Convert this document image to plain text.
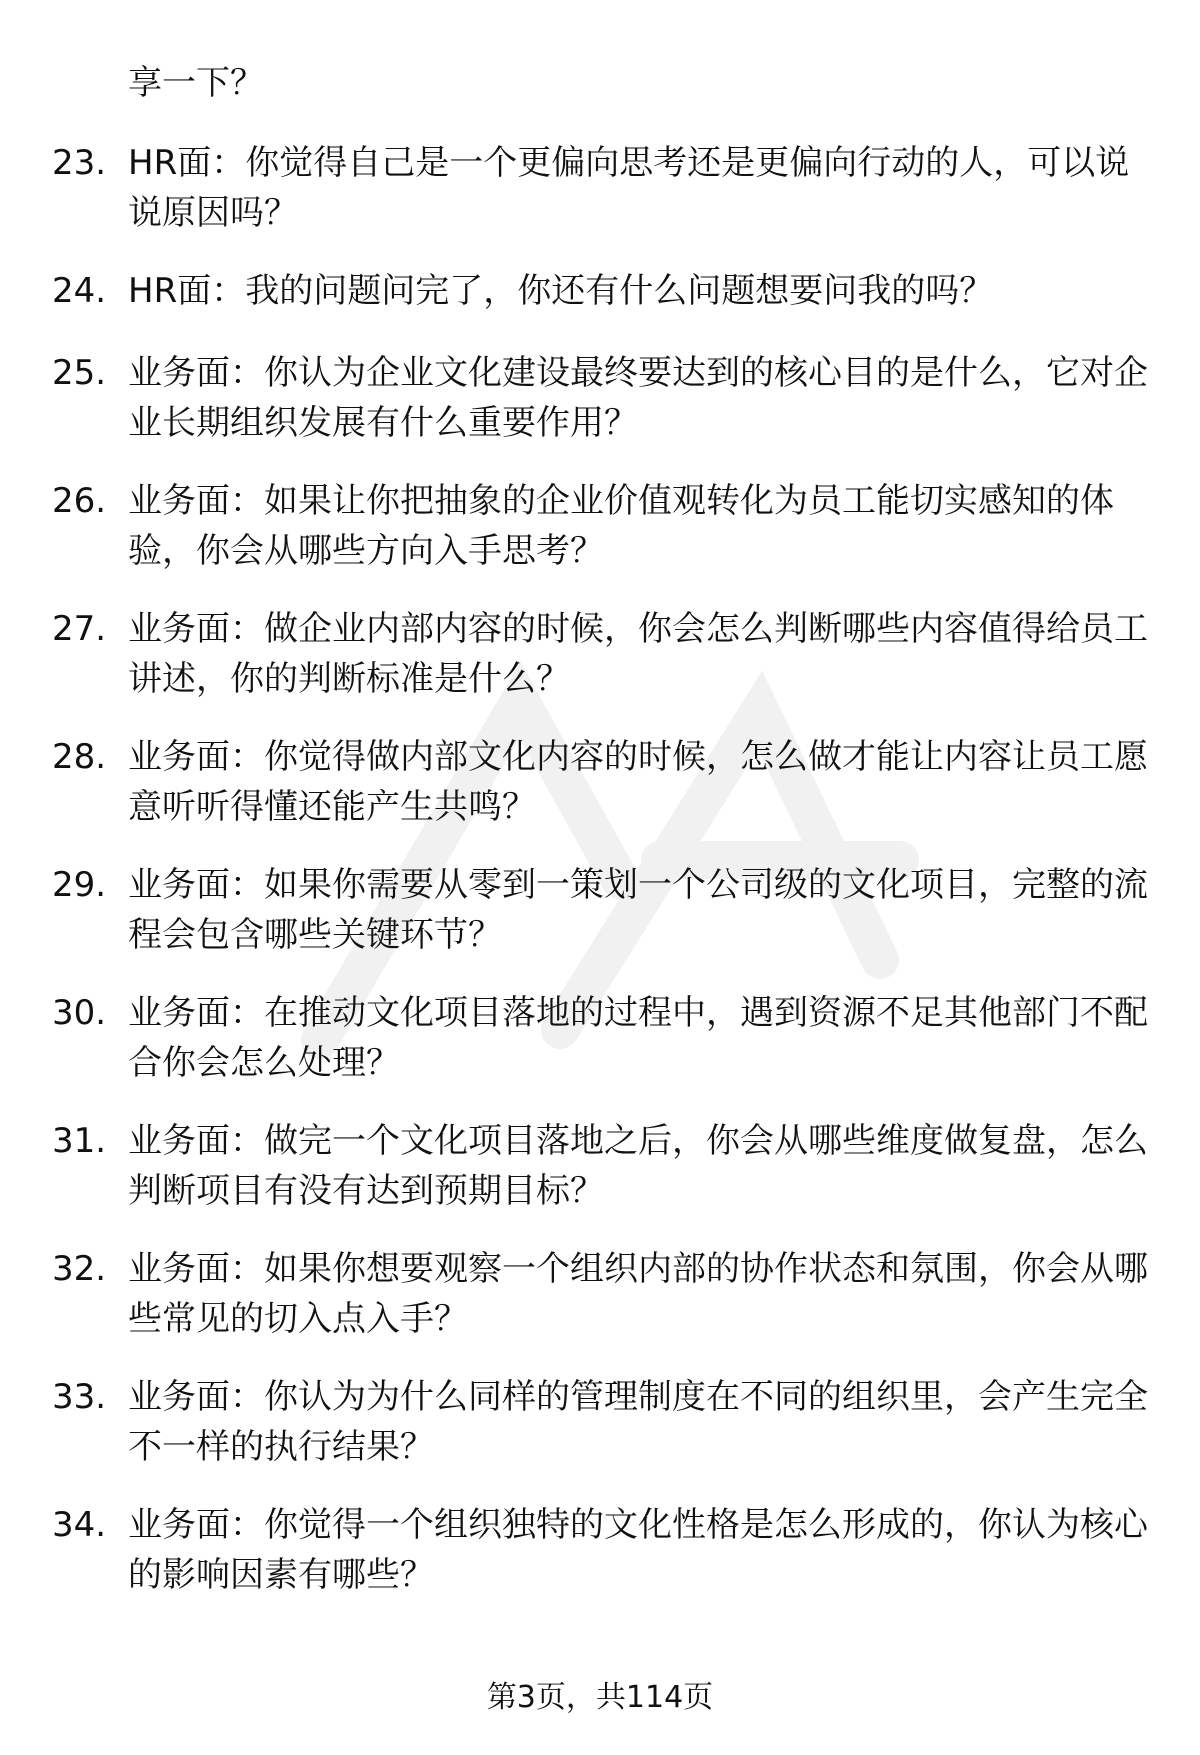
享一下？
23. HR面：你觉得自己是一个更偏向思考还是更偏向行动的人，可以说说原因吗？
24. HR面：我的问题问完了，你还有什么问题想要问我的吗？
25. 业务面：你认为企业文化建设最终要达到的核心目的是什么，它对企业长期组织发展有什么重要作用？
26. 业务面：如果让你把抽象的企业价值观转化为员工能切实感知的体验，你会从哪些方向入手思考？
27. 业务面：做企业内部内容的时候，你会怎么判断哪些内容值得给员工讲述，你的判断标准是什么？
28. 业务面：你觉得做内部文化内容的时候，怎么做才能让内容让员工愿意听听得懂还能产生共鸣？
29. 业务面：如果你需要从零到一策划一个公司级的文化项目，完整的流程会包含哪些关键环节？
30. 业务面：在推动文化项目落地的过程中，遇到资源不足其他部门不配合你会怎么处理？
31. 业务面：做完一个文化项目落地之后，你会从哪些维度做复盘，怎么判断项目有没有达到预期目标？
32. 业务面：如果你想要观察一个组织内部的协作状态和氛围，你会从哪些常见的切入点入手？
33. 业务面：你认为为什么同样的管理制度在不同的组织里，会产生完全不一样的执行结果？
34. 业务面：你觉得一个组织独特的文化性格是怎么形成的，你认为核心的影响因素有哪些？
第3页，共114页
